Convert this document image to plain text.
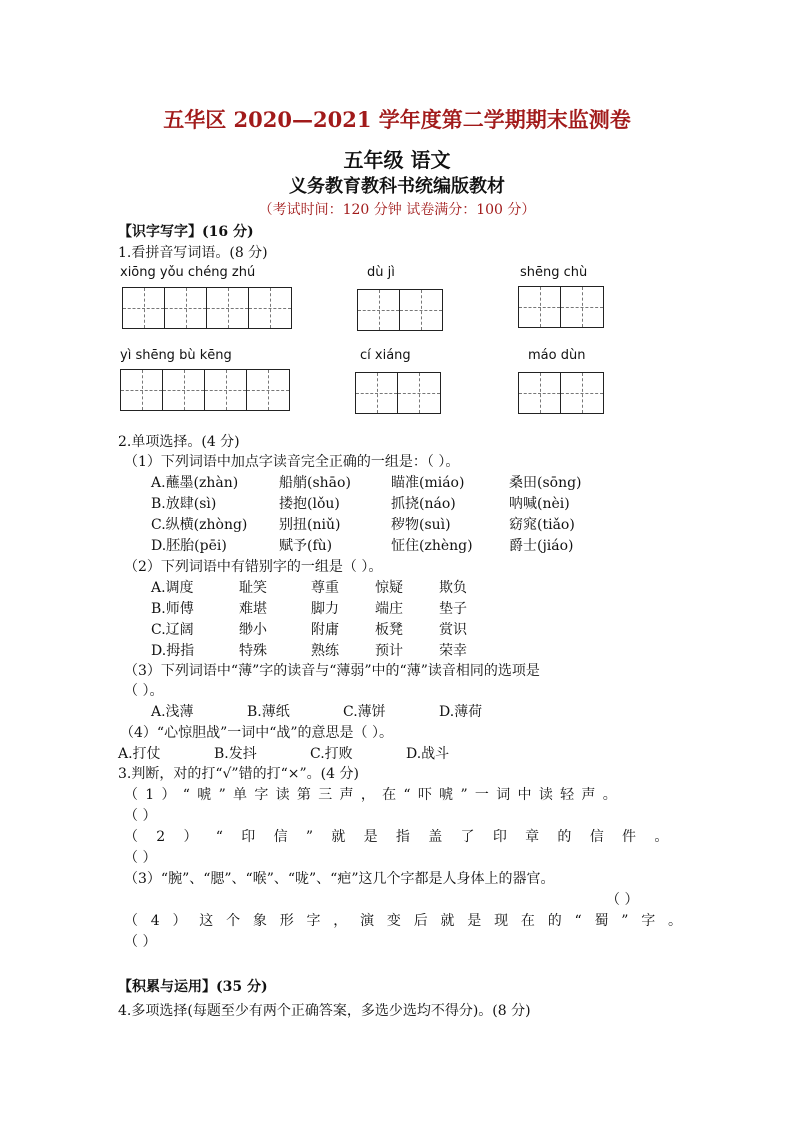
五华区 2020—2021 学年度第二学期期末监测卷
五年级 语文
义务教育教科书统编版教材
（考试时间：120 分钟 试卷满分：100 分）
【识字写字】(16 分)
1.看拼音写词语。(8 分)
xiōng yǒu chéng zhú	dù jì	shēng chù
yì shēng bù kēng	cí xiáng	máo dùn
2.单项选择。(4 分)
（1）下列词语中加点字读音完全正确的一组是：（ ）。
A.蘸墨(zhàn)	船艄(shāo)	瞄准(miáo)	桑田(sōng)
B.放肆(sì)	搂抱(lǒu)	抓挠(náo)	呐喊(nèi)
C.纵横(zhòng)	别扭(niǔ)	秽物(suì)	窈窕(tiǎo)
D.胚胎(pēi)	赋予(fù)	怔住(zhèng)	爵士(jiáo)
（2）下列词语中有错别字的一组是（ ）。
A.调度	耻笑	尊重	惊疑	欺负
B.师傅	难堪	脚力	端庄	垫子
C.辽阔	缈小	附庸	板凳	赏识
D.拇指	特殊	熟练	预计	荣幸
（3）下列词语中“薄”字的读音与“薄弱”中的“薄”读音相同的选项是
（ ）。
A.浅薄	B.薄纸	C.薄饼	D.薄荷
（4）“心惊胆战”一词中“战”的意思是（ ）。
A.打仗	B.发抖	C.打败	D.战斗
3.判断，对的打“√”错的打“×”。(4 分)
（1）“唬”单字读第三声，在“吓唬”一词中读轻声。
（ ）
（2）“印信”就是指盖了印章的信件。
（ ）
（3）“腕”、“腮”、“喉”、“咙”、“疤”这几个字都是人身体上的器官。
（ ）
（4）这个象形字，演变后就是现在的“蜀”字。
（ ）
【积累与运用】(35 分)
4.多项选择(每题至少有两个正确答案，多选少选均不得分)。(8 分)
